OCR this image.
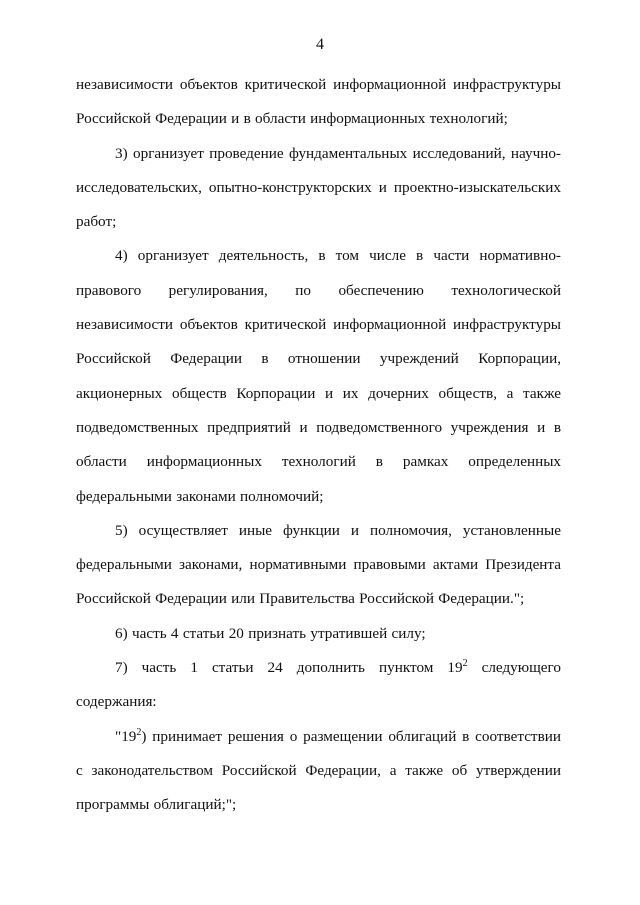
4

независимости объектов критической информационной инфраструктуры Российской Федерации и в области информационных технологий;

3) организует проведение фундаментальных исследований, научно-исследовательских, опытно-конструкторских и проектно-изыскательских работ;

4) организует деятельность, в том числе в части нормативно-правового регулирования, по обеспечению технологической независимости объектов критической информационной инфраструктуры Российской Федерации в отношении учреждений Корпорации, акционерных обществ Корпорации и их дочерних обществ, а также подведомственных предприятий и подведомственного учреждения и в области информационных технологий в рамках определенных федеральными законами полномочий;

5) осуществляет иные функции и полномочия, установленные федеральными законами, нормативными правовыми актами Президента Российской Федерации или Правительства Российской Федерации.";

6) часть 4 статьи 20 признать утратившей силу;

7) часть 1 статьи 24 дополнить пунктом $19^2$ следующего содержания:

"$19^2$) принимает решения о размещении облигаций в соответствии с законодательством Российской Федерации, а также об утверждении программы облигаций;";
